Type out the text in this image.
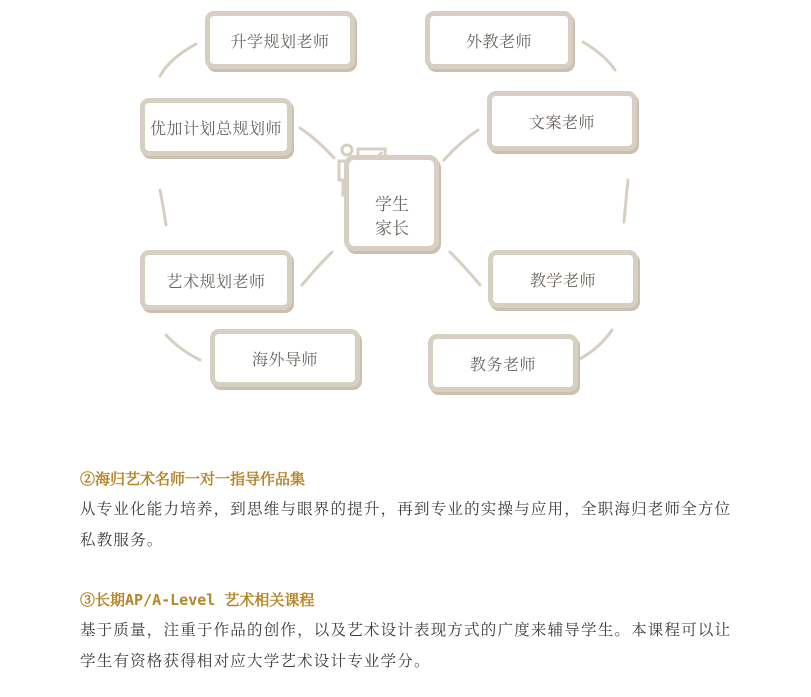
升学规划老师	外教老师
优加计划总规划师	文案老师
艺术规划老师	教学老师
海外导师	教务老师
学生
家长
②海归艺术名师一对一指导作品集
从专业化能力培养，到思维与眼界的提升，再到专业的实操与应用，全职海归老师全方位私教服务。
③长期AP/A-Level 艺术相关课程
基于质量，注重于作品的创作，以及艺术设计表现方式的广度来辅导学生。本课程可以让学生有资格获得相对应大学艺术设计专业学分。
